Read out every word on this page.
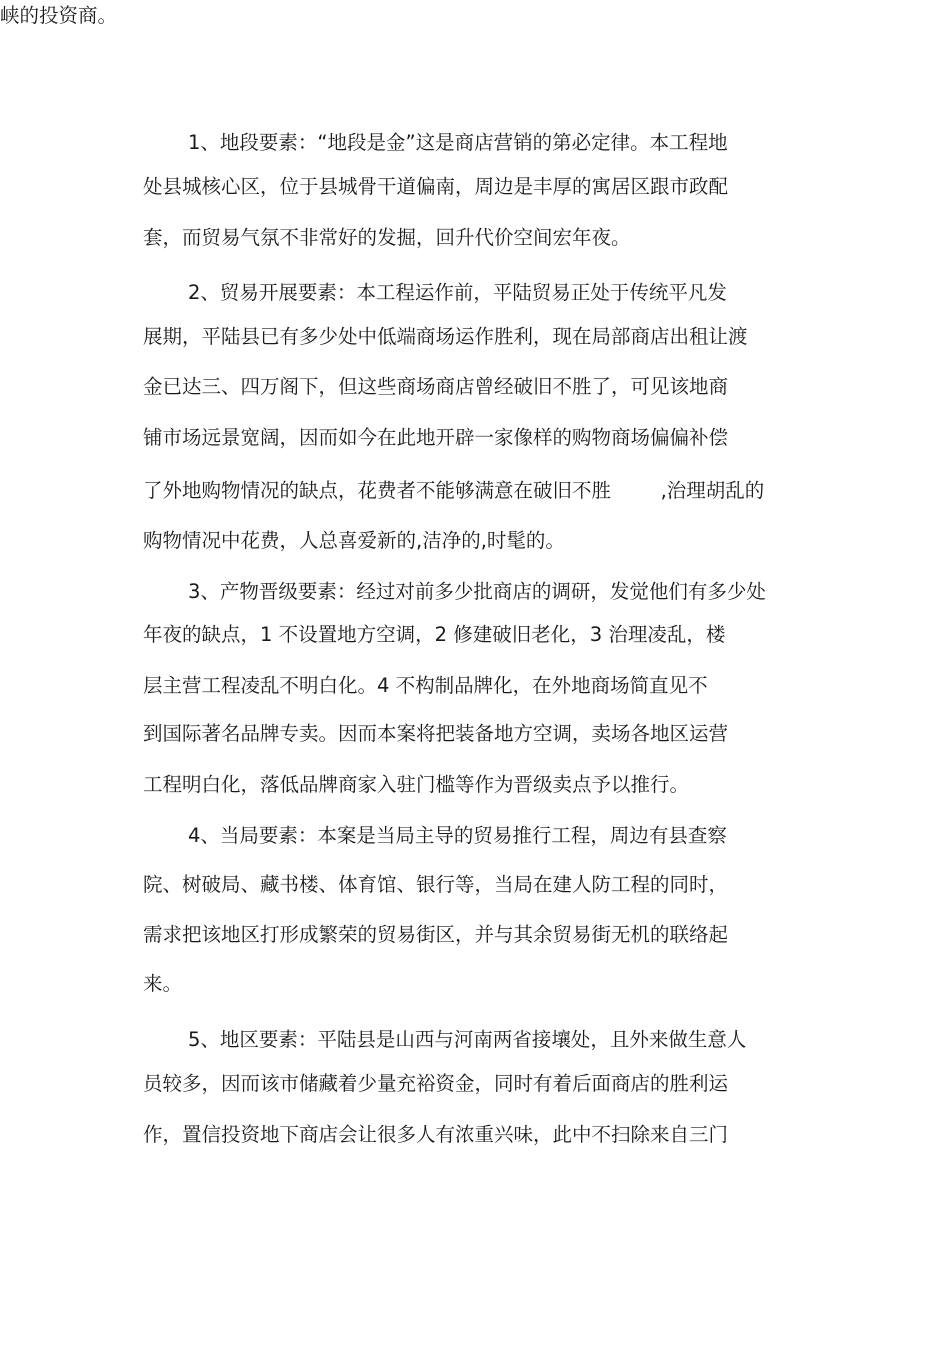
峡的投资商。
1、地段要素：“地段是金”这是商店营销的第必定律。本工程地
处县城核心区，位于县城骨干道偏南，周边是丰厚的寓居区跟市政配
套，而贸易气氛不非常好的发掘，回升代价空间宏年夜。
2、贸易开展要素：本工程运作前，平陆贸易正处于传统平凡发
展期，平陆县已有多少处中低端商场运作胜利，现在局部商店出租让渡
金已达三、四万阁下，但这些商场商店曾经破旧不胜了，可见该地商
铺市场远景宽阔，因而如今在此地开辟一家像样的购物商场偏偏补偿
了外地购物情况的缺点，花费者不能够满意在破旧不胜        ,治理胡乱的
购物情况中花费，人总喜爱新的,洁净的,时髦的。
3、产物晋级要素：经过对前多少批商店的调研，发觉他们有多少处
年夜的缺点，1 不设置地方空调，2 修建破旧老化，3 治理凌乱，楼
层主营工程凌乱不明白化。4 不构制品牌化，在外地商场简直见不
到国际著名品牌专卖。因而本案将把装备地方空调，卖场各地区运营
工程明白化，落低品牌商家入驻门槛等作为晋级卖点予以推行。
4、当局要素：本案是当局主导的贸易推行工程，周边有县查察
院、树破局、藏书楼、体育馆、银行等，当局在建人防工程的同时，
需求把该地区打形成繁荣的贸易街区，并与其余贸易街无机的联络起
来。
5、地区要素：平陆县是山西与河南两省接壤处，且外来做生意人
员较多，因而该市储藏着少量充裕资金，同时有着后面商店的胜利运
作，置信投资地下商店会让很多人有浓重兴味，此中不扫除来自三门
